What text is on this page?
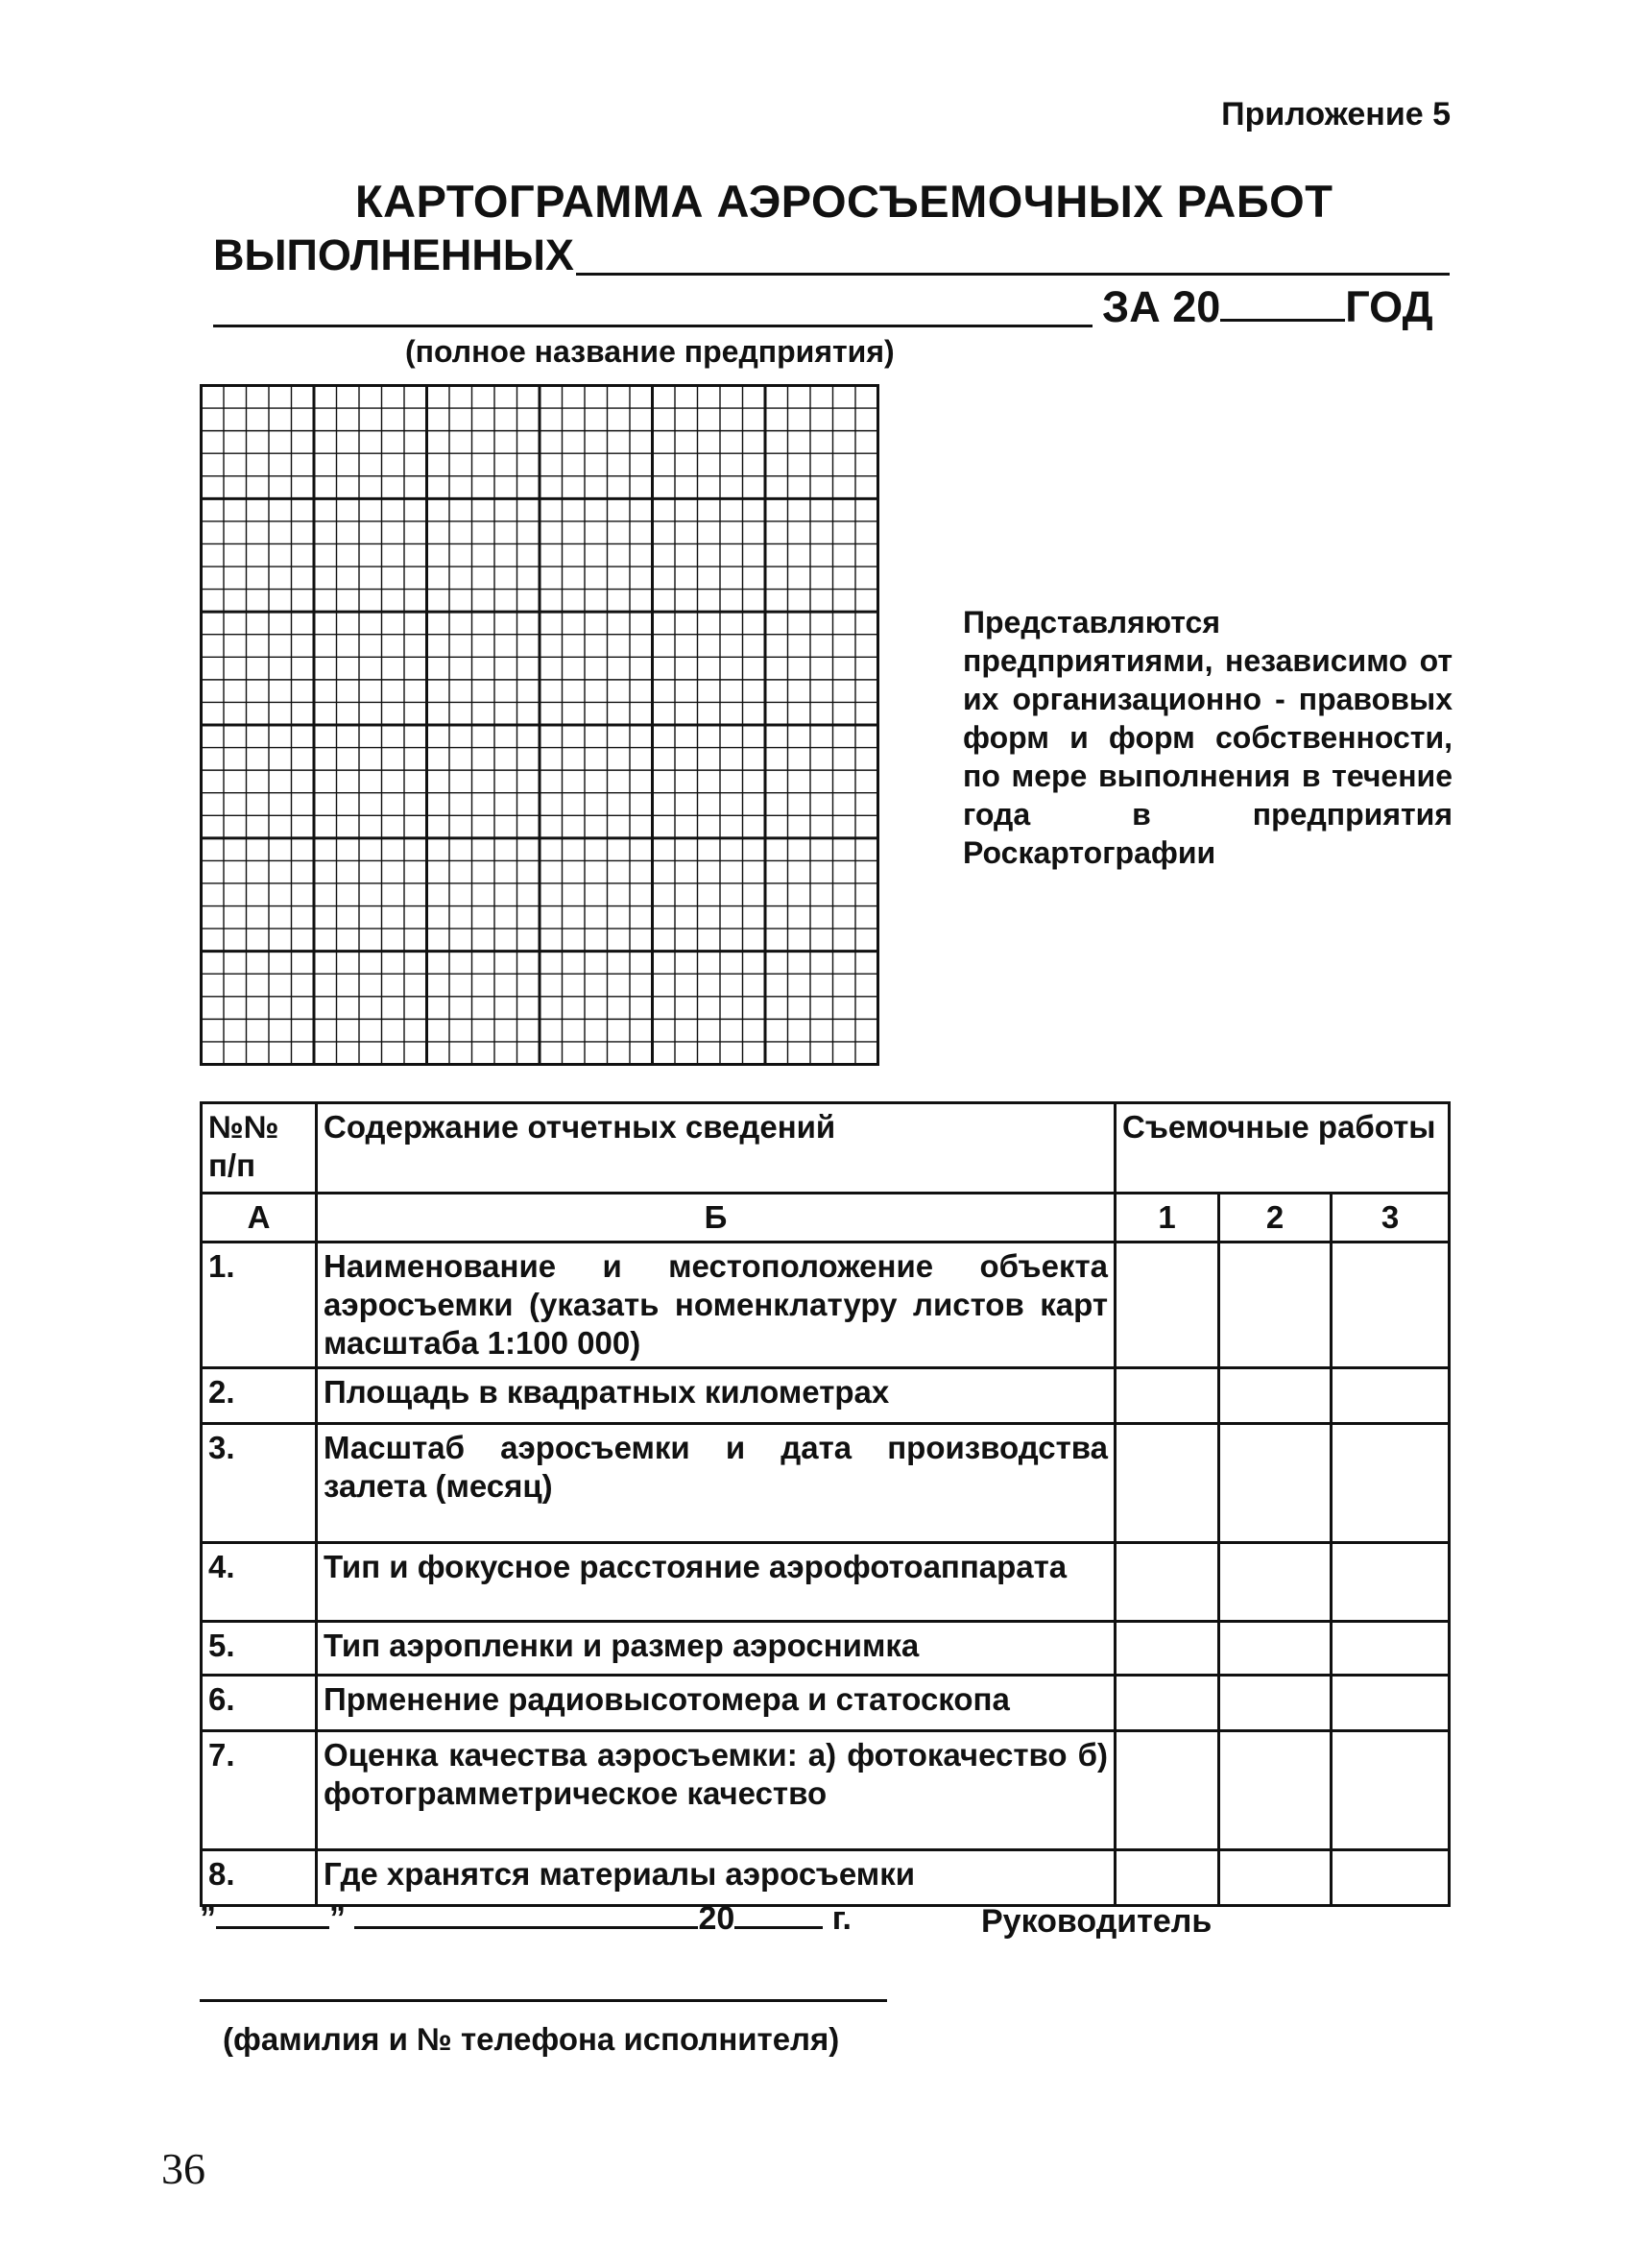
Приложение 5
КАРТОГРАММА АЭРОСЪЕМОЧНЫХ РАБОТ
ВЫПОЛНЕННЫХ
ЗА 20	ГОД
(полное название предприятия)
Представляются предприятиями, независимо от их организационно - правовых форм и форм собственности, по мере выполнения в течение года в предприятия Роскартографии
№№ п/п	Содержание отчетных сведений	Съемочные работы		
А	Б	1	2	3
1.	Наименование и местоположение объекта аэросъемки (указать номенклатуру листов карт масштаба 1:100 000)			
2.	Площадь в квадратных километрах			
3.	Масштаб аэросъемки и дата производства залета (месяц)			
4.	Тип и фокусное расстояние аэрофотоаппарата			
5.	Тип аэропленки и размер аэроснимка			
6.	Прменение радиовысотомера и статоскопа			
7.	Оценка качества аэросъемки: а) фотокачество б) фотограмметрическое качество			
8.	Где хранятся материалы аэросъемки			
”	”	20	г.	Руководитель
(фамилия и № телефона исполнителя)
36
